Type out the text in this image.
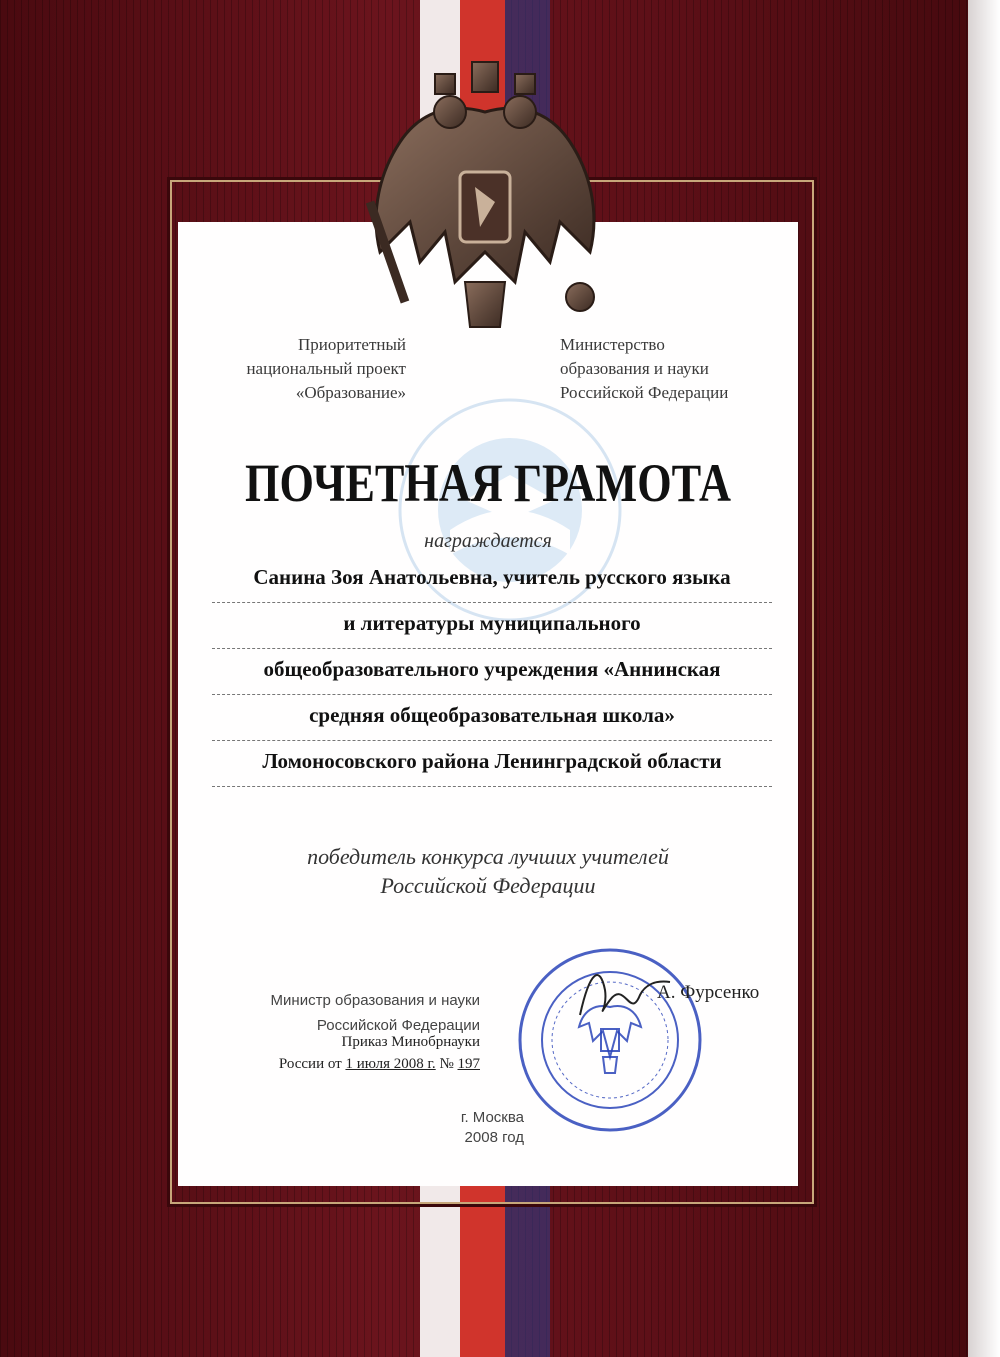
Приоритетный
национальный проект
«Образование»
Министерство
образования и науки
Российской Федерации
ПОЧЕТНАЯ ГРАМОТА
награждается
Санина Зоя Анатольевна, учитель русского языка
и литературы муниципального
общеобразовательного учреждения «Аннинская
средняя общеобразовательная школа»
Ломоносовского района Ленинградской области
победитель конкурса лучших учителей
Российской Федерации
Министр образования и науки
Российской Федерации
Приказ Минобрнауки
России от 1 июля 2008 г. № 197
А. Фурсенко
г. Москва
2008 год
